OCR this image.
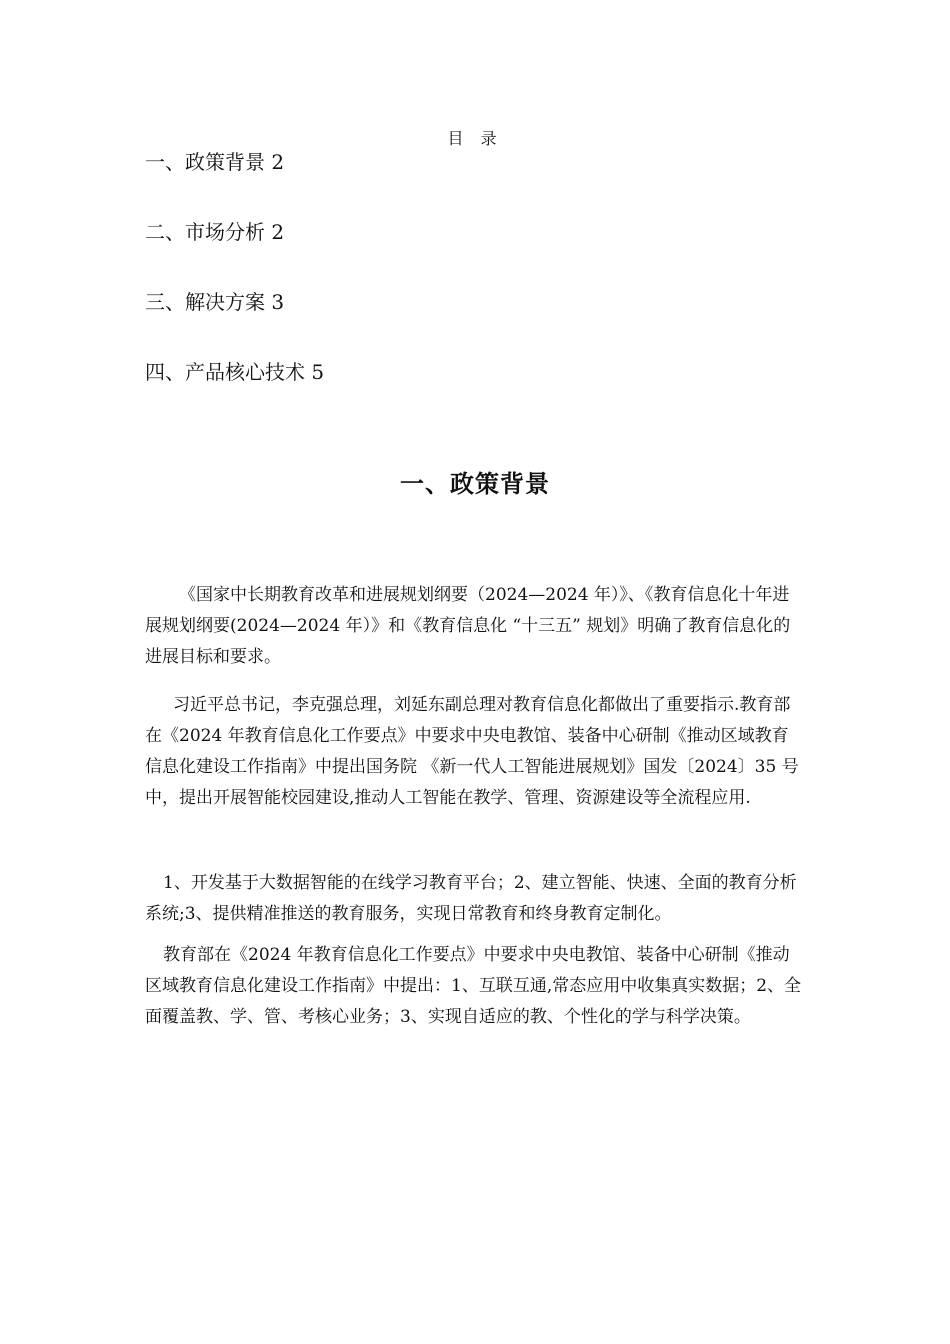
目 录
一、政策背景 2
二、市场分析 2
三、解决方案 3
四、产品核心技术 5
一、政策背景
《国家中长期教育改革和进展规划纲要（2024—2024 年）》、《教育信息化十年进展规划纲要(2024—2024 年）》和《教育信息化 “十三五” 规划》明确了教育信息化的进展目标和要求。
习近平总书记，李克强总理，刘延东副总理对教育信息化都做出了重要指示.教育部在《2024 年教育信息化工作要点》中要求中央电教馆、装备中心研制《推动区域教育信息化建设工作指南》中提出国务院 《新一代人工智能进展规划》国发〔2024〕35 号中，提出开展智能校园建设,推动人工智能在教学、管理、资源建设等全流程应用.
1、开发基于大数据智能的在线学习教育平台；2、建立智能、快速、全面的教育分析系统;3、提供精准推送的教育服务，实现日常教育和终身教育定制化。
教育部在《2024 年教育信息化工作要点》中要求中央电教馆、装备中心研制《推动区域教育信息化建设工作指南》中提出：1、互联互通,常态应用中收集真实数据；2、全面覆盖教、学、管、考核心业务；3、实现自适应的教、个性化的学与科学决策。
